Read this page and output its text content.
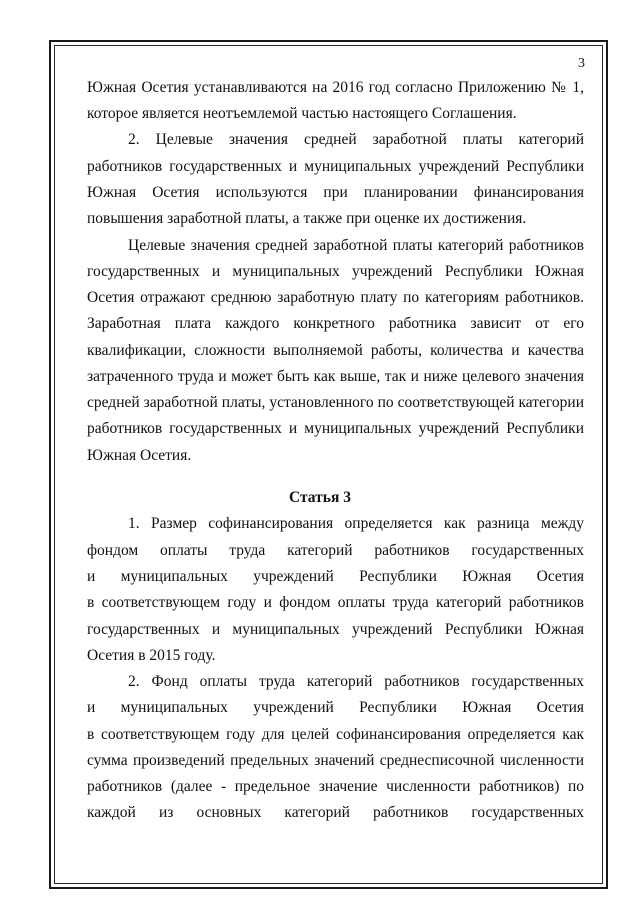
3
Южная Осетия устанавливаются на 2016 год согласно Приложению № 1,
которое является неотъемлемой частью настоящего Соглашения.
2. Целевые значения средней заработной платы категорий
работников государственных и муниципальных учреждений Республики
Южная Осетия используются при планировании финансирования
повышения заработной платы, а также при оценке их достижения.
Целевые значения средней заработной платы категорий работников
государственных и муниципальных учреждений Республики Южная
Осетия отражают среднюю заработную плату по категориям работников.
Заработная плата каждого конкретного работника зависит от его
квалификации, сложности выполняемой работы, количества и качества
затраченного труда и может быть как выше, так и ниже целевого значения
средней заработной платы, установленного по соответствующей категории
работников государственных и муниципальных учреждений Республики
Южная Осетия.
Статья 3
1. Размер софинансирования определяется как разница между
фондом оплаты труда категорий работников государственных
и муниципальных учреждений Республики Южная Осетия
в соответствующем году и фондом оплаты труда категорий работников
государственных и муниципальных учреждений Республики Южная
Осетия в 2015 году.
2. Фонд оплаты труда категорий работников государственных
и муниципальных учреждений Республики Южная Осетия
в соответствующем году для целей софинансирования определяется как
сумма произведений предельных значений среднесписочной численности
работников (далее - предельное значение численности работников) по
каждой из основных категорий работников государственных
